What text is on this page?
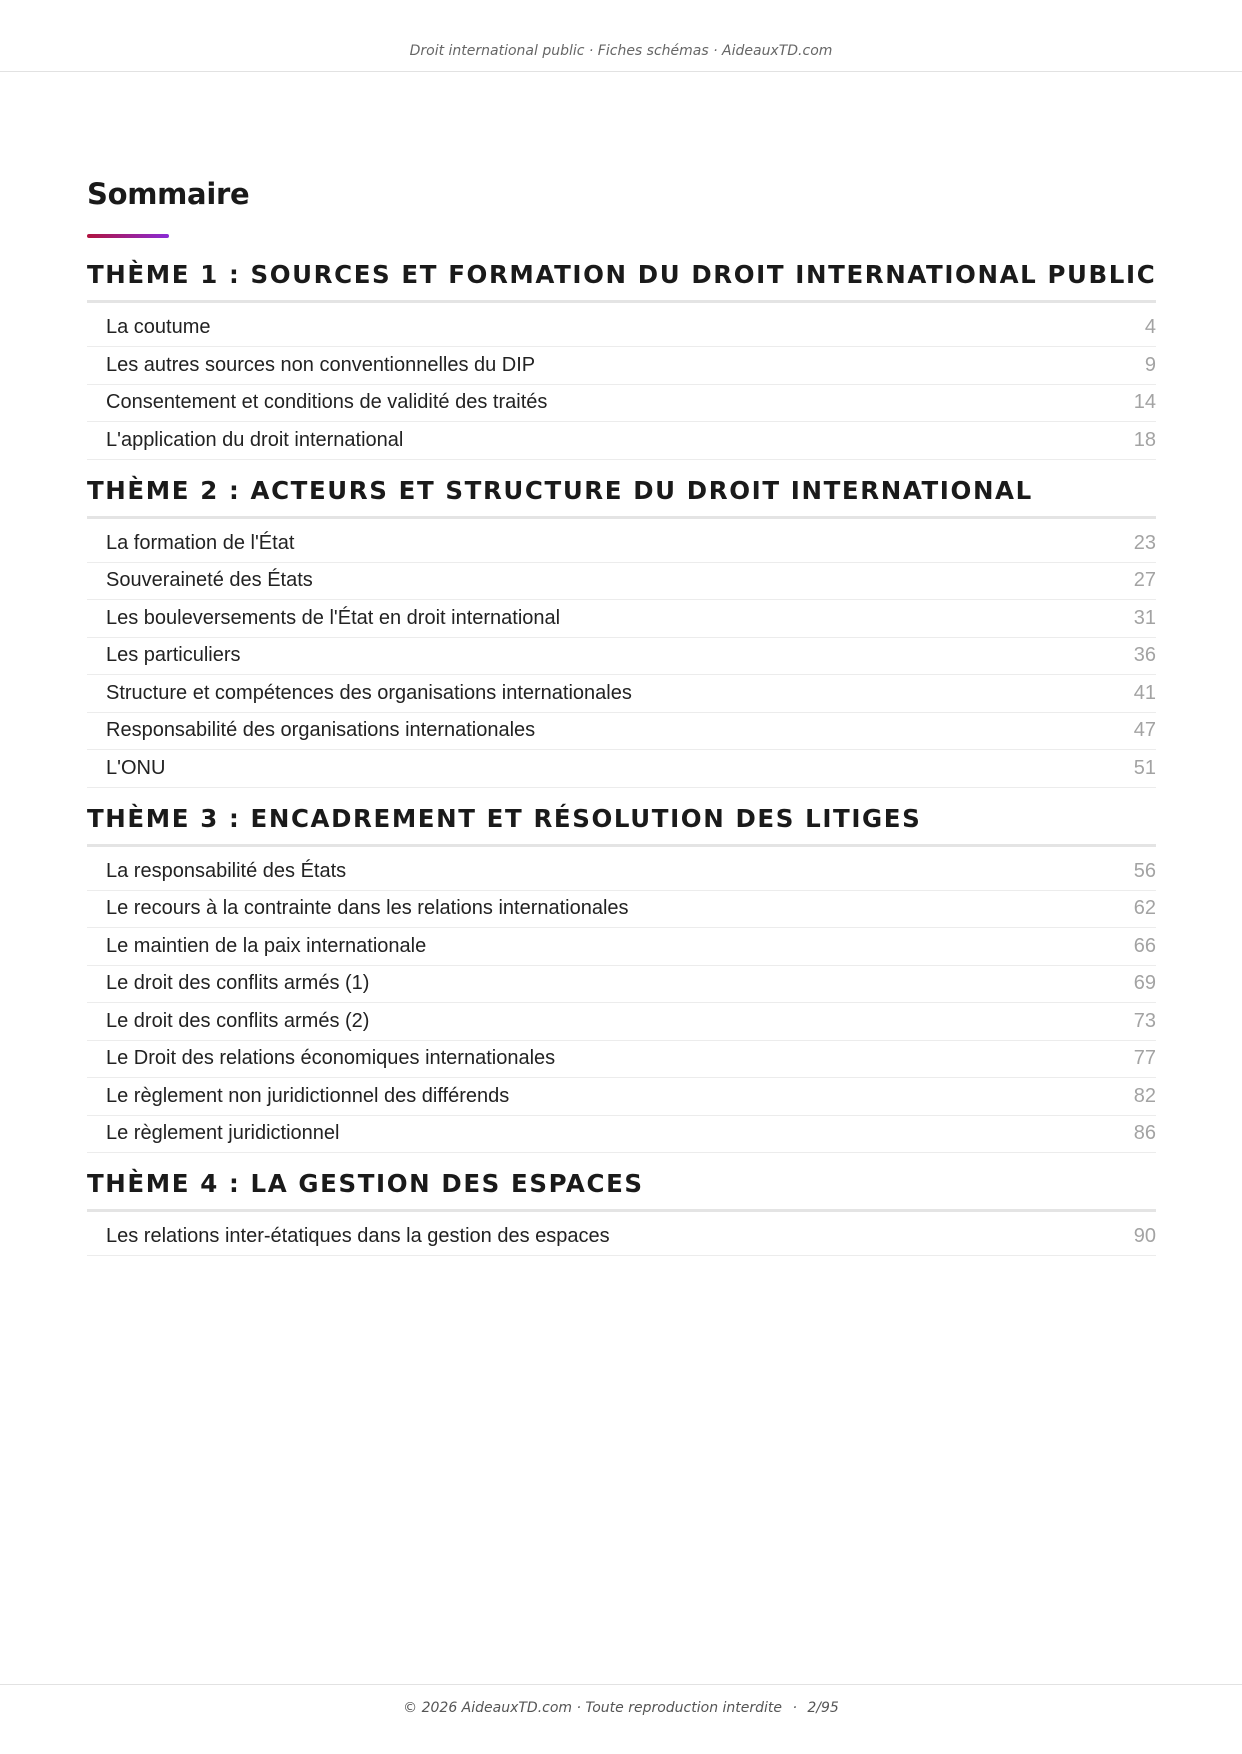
Droit international public · Fiches schémas · AideauxTD.com
Sommaire
THÈME 1 : SOURCES ET FORMATION DU DROIT INTERNATIONAL PUBLIC
La coutume	4
Les autres sources non conventionnelles du DIP	9
Consentement et conditions de validité des traités	14
L'application du droit international	18
THÈME 2 : ACTEURS ET STRUCTURE DU DROIT INTERNATIONAL
La formation de l'État	23
Souveraineté des États	27
Les bouleversements de l'État en droit international	31
Les particuliers	36
Structure et compétences des organisations internationales	41
Responsabilité des organisations internationales	47
L'ONU	51
THÈME 3 : ENCADREMENT ET RÉSOLUTION DES LITIGES
La responsabilité des États	56
Le recours à la contrainte dans les relations internationales	62
Le maintien de la paix internationale	66
Le droit des conflits armés (1)	69
Le droit des conflits armés (2)	73
Le Droit des relations économiques internationales	77
Le règlement non juridictionnel des différends	82
Le règlement juridictionnel	86
THÈME 4 : LA GESTION DES ESPACES
Les relations inter-étatiques dans la gestion des espaces	90
© 2026 AideauxTD.com · Toute reproduction interdite · 2/95
